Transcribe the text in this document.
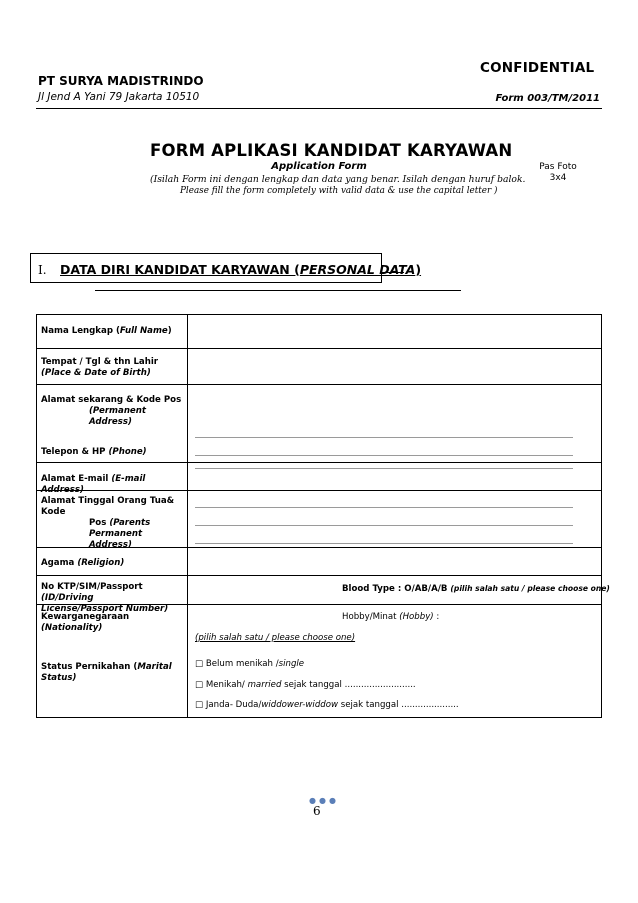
CONFIDENTIAL
PT SURYA MADISTRINDO
Jl Jend A Yani 79 Jakarta 10510	Form 003/TM/2011
FORM APLIKASI KANDIDAT KARYAWAN
Application Form
(Isilah Form ini dengan lengkap dan data yang benar. Isilah dengan huruf balok.
Please fill the form completely with valid data & use the capital letter )
Pas Foto
3x4
I. DATA DIRI KANDIDAT KARYAWAN (PERSONAL DATA)
Nama Lengkap (Full Name)
Tempat / Tgl & thn Lahir
(Place & Date of Birth)
Alamat sekarang & Kode Pos
(Permanent Address)
Telepon & HP (Phone)
Alamat E-mail (E-mail Address)
Alamat Tinggal Orang Tua& Kode
Pos (Parents
Permanent Address)
Agama (Religion)
No KTP/SIM/Passport (ID/Driving
License/Passport Number)
Kewarganegaraan
(Nationality)
Status Pernikahan (Marital
Status)
Blood Type : O/AB/A/B (pilih salah satu / please choose one)
Hobby/Minat (Hobby) :
(pilih salah satu / please choose one)
□ Belum menikah /single
□ Menikah/ married sejak tanggal ..........................
□ Janda- Duda/widdower-widdow sejak tanggal .....................
●●●
6
